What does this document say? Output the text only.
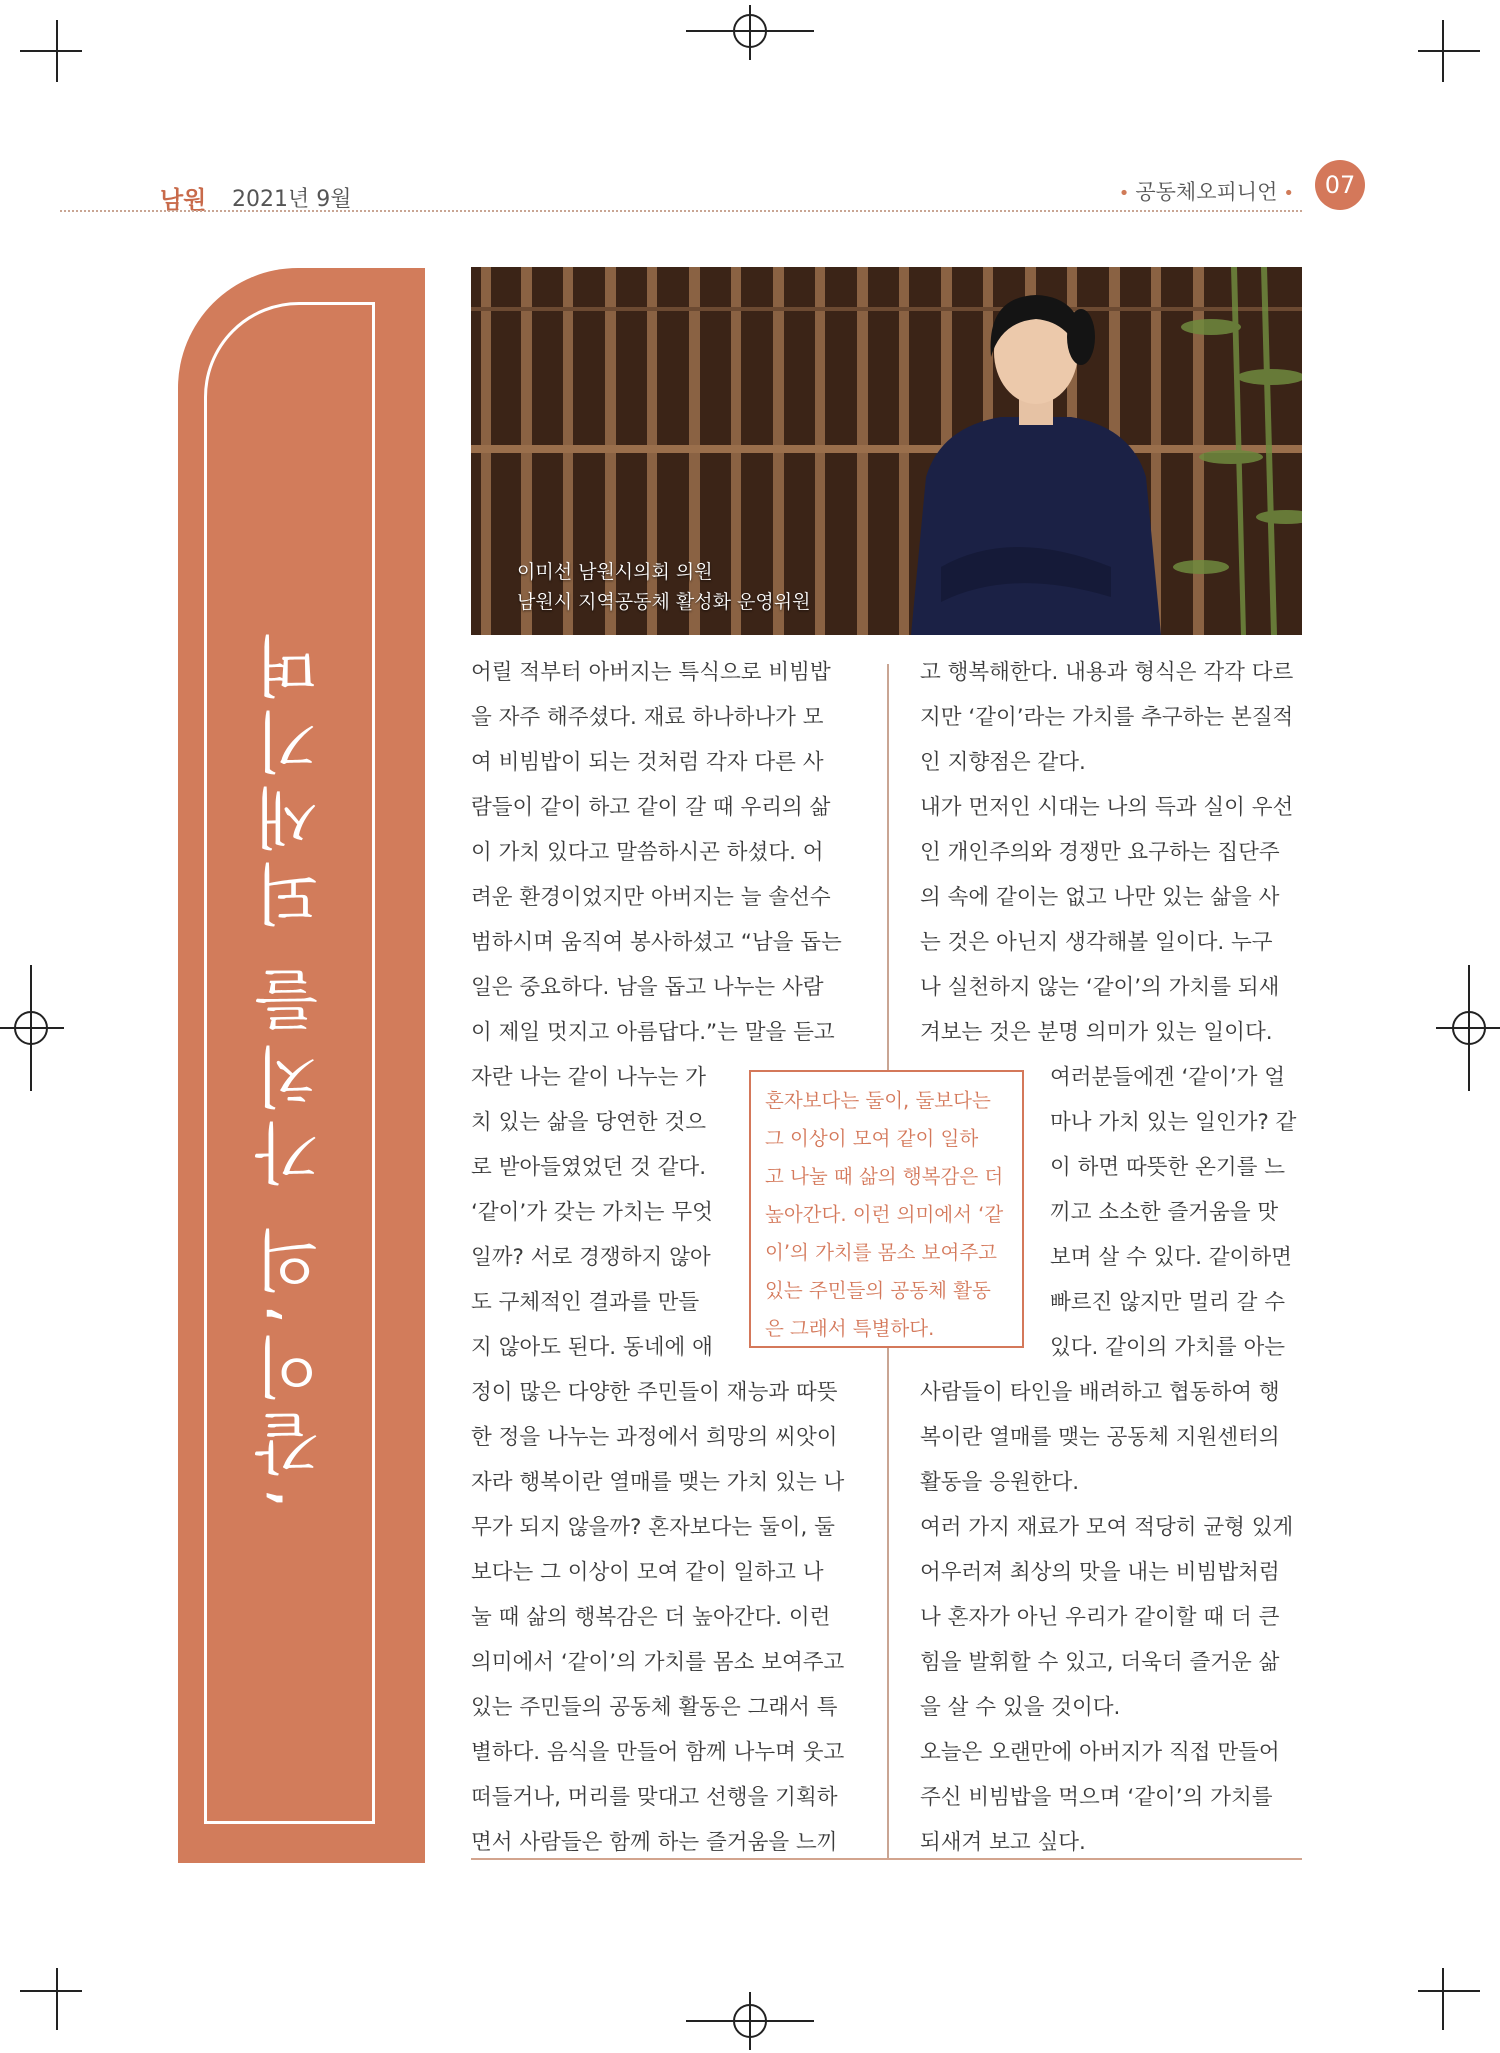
남원 2021년 9월	• 공동체오피니언 •	07
‘같이’의 가치를 되새기며
이미선 남원시의회 의원
남원시 지역공동체 활성화 운영위원

어릴 적부터 아버지는 특식으로 비빔밥

을 자주 해주셨다. 재료 하나하나가 모

여 비빔밥이 되는 것처럼 각자 다른 사

람들이 같이 하고 같이 갈 때 우리의 삶

이 가치 있다고 말씀하시곤 하셨다. 어

려운 환경이었지만 아버지는 늘 솔선수

범하시며 움직여 봉사하셨고 “남을 돕는

일은 중요하다. 남을 돕고 나누는 사람

이 제일 멋지고 아름답다.”는 말을 듣고

자란 나는 같이 나누는 가

치 있는 삶을 당연한 것으

로 받아들였었던 것 같다.

‘같이’가 갖는 가치는 무엇

일까? 서로 경쟁하지 않아

도 구체적인 결과를 만들

지 않아도 된다. 동네에 애

정이 많은 다양한 주민들이 재능과 따뜻

한 정을 나누는 과정에서 희망의 씨앗이

자라 행복이란 열매를 맺는 가치 있는 나

무가 되지 않을까? 혼자보다는 둘이, 둘

보다는 그 이상이 모여 같이 일하고 나

눌 때 삶의 행복감은 더 높아간다. 이런

의미에서 ‘같이’의 가치를 몸소 보여주고

있는 주민들의 공동체 활동은 그래서 특

별하다. 음식을 만들어 함께 나누며 웃고

떠들거나, 머리를 맞대고 선행을 기획하

면서 사람들은 함께 하는 즐거움을 느끼

고 행복해한다. 내용과 형식은 각각 다르

지만 ‘같이’라는 가치를 추구하는 본질적

인 지향점은 같다.

내가 먼저인 시대는 나의 득과 실이 우선

인 개인주의와 경쟁만 요구하는 집단주

의 속에 같이는 없고 나만 있는 삶을 사

는 것은 아닌지 생각해볼 일이다. 누구

나 실천하지 않는 ‘같이’의 가치를 되새

겨보는 것은 분명 의미가 있는 일이다.

여러분들에겐 ‘같이’가 얼

마나 가치 있는 일인가? 같

이 하면 따뜻한 온기를 느

끼고 소소한 즐거움을 맛

보며 살 수 있다. 같이하면

빠르진 않지만 멀리 갈 수

있다. 같이의 가치를 아는

사람들이 타인을 배려하고 협동하여 행

복이란 열매를 맺는 공동체 지원센터의

활동을 응원한다.

여러 가지 재료가 모여 적당히 균형 있게

어우러져 최상의 맛을 내는 비빔밥처럼

나 혼자가 아닌 우리가 같이할 때 더 큰

힘을 발휘할 수 있고, 더욱더 즐거운 삶

을 살 수 있을 것이다.

오늘은 오랜만에 아버지가 직접 만들어

주신 비빔밥을 먹으며 ‘같이’의 가치를

되새겨 보고 싶다.

혼자보다는 둘이, 둘보다는
그 이상이 모여 같이 일하
고 나눌 때 삶의 행복감은 더
높아간다. 이런 의미에서 ‘같
이’의 가치를 몸소 보여주고
있는 주민들의 공동체 활동
은 그래서 특별하다.
